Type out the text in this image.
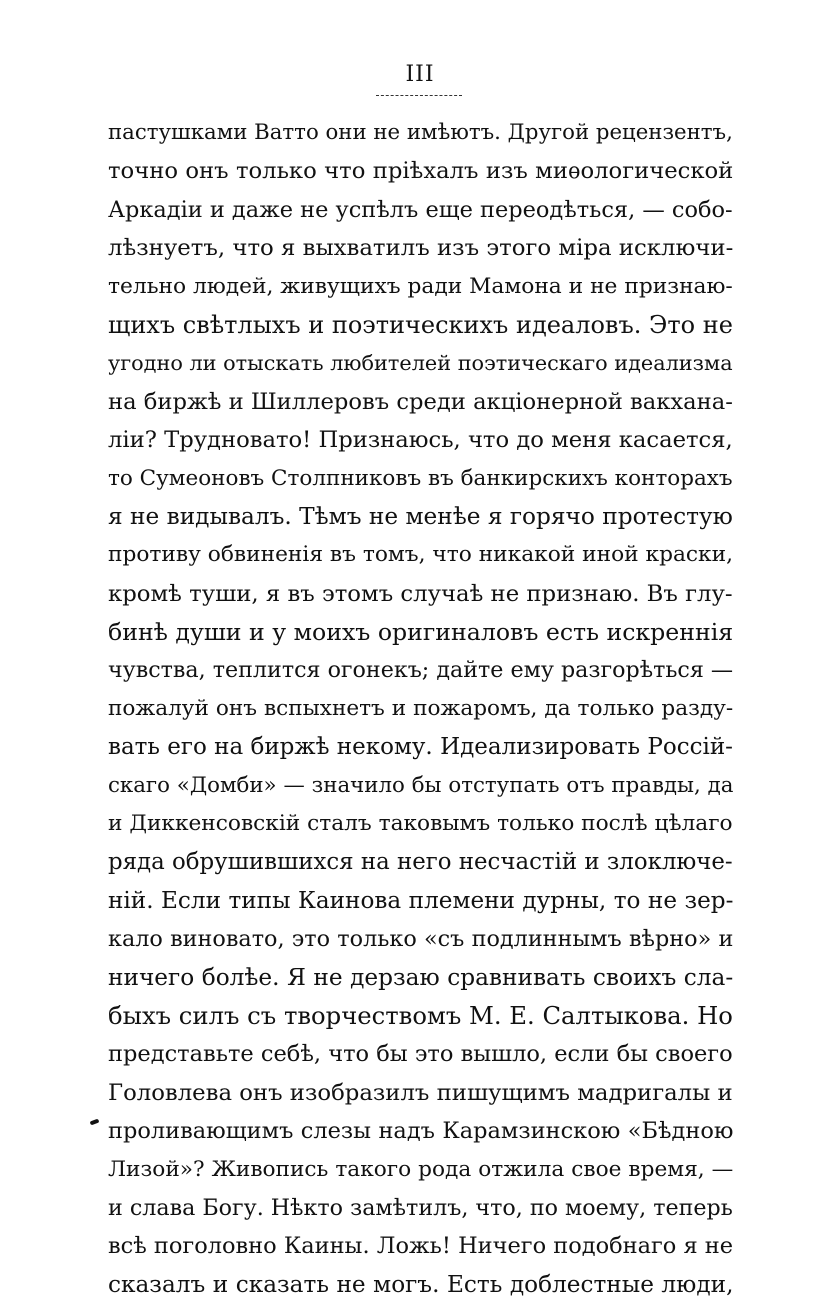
III
пастушками Ватто они не имѣютъ. Другой рецензентъ,
точно онъ только что пріѣхалъ изъ миѳологической
Аркадіи и даже не успѣлъ еще переодѣться, — собо-
лѣзнуетъ, что я выхватилъ изъ этого міра исключи-
тельно людей, живущихъ ради Мамона и не признаю-
щихъ свѣтлыхъ и поэтическихъ идеаловъ. Это не
угодно ли отыскать любителей поэтическаго идеализма
на биржѣ и Шиллеровъ среди акціонерной вакхана-
ліи? Трудновато! Признаюсь, что до меня касается,
то Сумеоновъ Столпниковъ въ банкирскихъ конторахъ
я не видывалъ. Тѣмъ не менѣе я горячо протестую
противу обвиненія въ томъ, что никакой иной краски,
кромѣ туши, я въ этомъ случаѣ не признаю. Въ глу-
бинѣ души и у моихъ оригиналовъ есть искреннія
чувства, теплится огонекъ; дайте ему разгорѣться —
пожалуй онъ вспыхнетъ и пожаромъ, да только разду-
вать его на биржѣ некому. Идеализировать Россій-
скаго «Домби» — значило бы отступать отъ правды, да
и Диккенсовскій сталъ таковымъ только послѣ цѣлаго
ряда обрушившихся на него несчастій и злоключе-
ній. Если типы Каинова племени дурны, то не зер-
кало виновато, это только «съ подлиннымъ вѣрно» и
ничего болѣе. Я не дерзаю сравнивать своихъ сла-
быхъ силъ съ творчествомъ М. Е. Салтыкова. Но
представьте себѣ, что бы это вышло, если бы своего
Головлева онъ изобразилъ пишущимъ мадригалы и
проливающимъ слезы надъ Карамзинскою «Бѣдною
Лизой»? Живопись такого рода отжила свое время, —
и слава Богу. Нѣкто замѣтилъ, что, по моему, теперь
всѣ поголовно Каины. Ложь! Ничего подобнаго я не
сказалъ и сказать не могъ. Есть доблестные люди,
